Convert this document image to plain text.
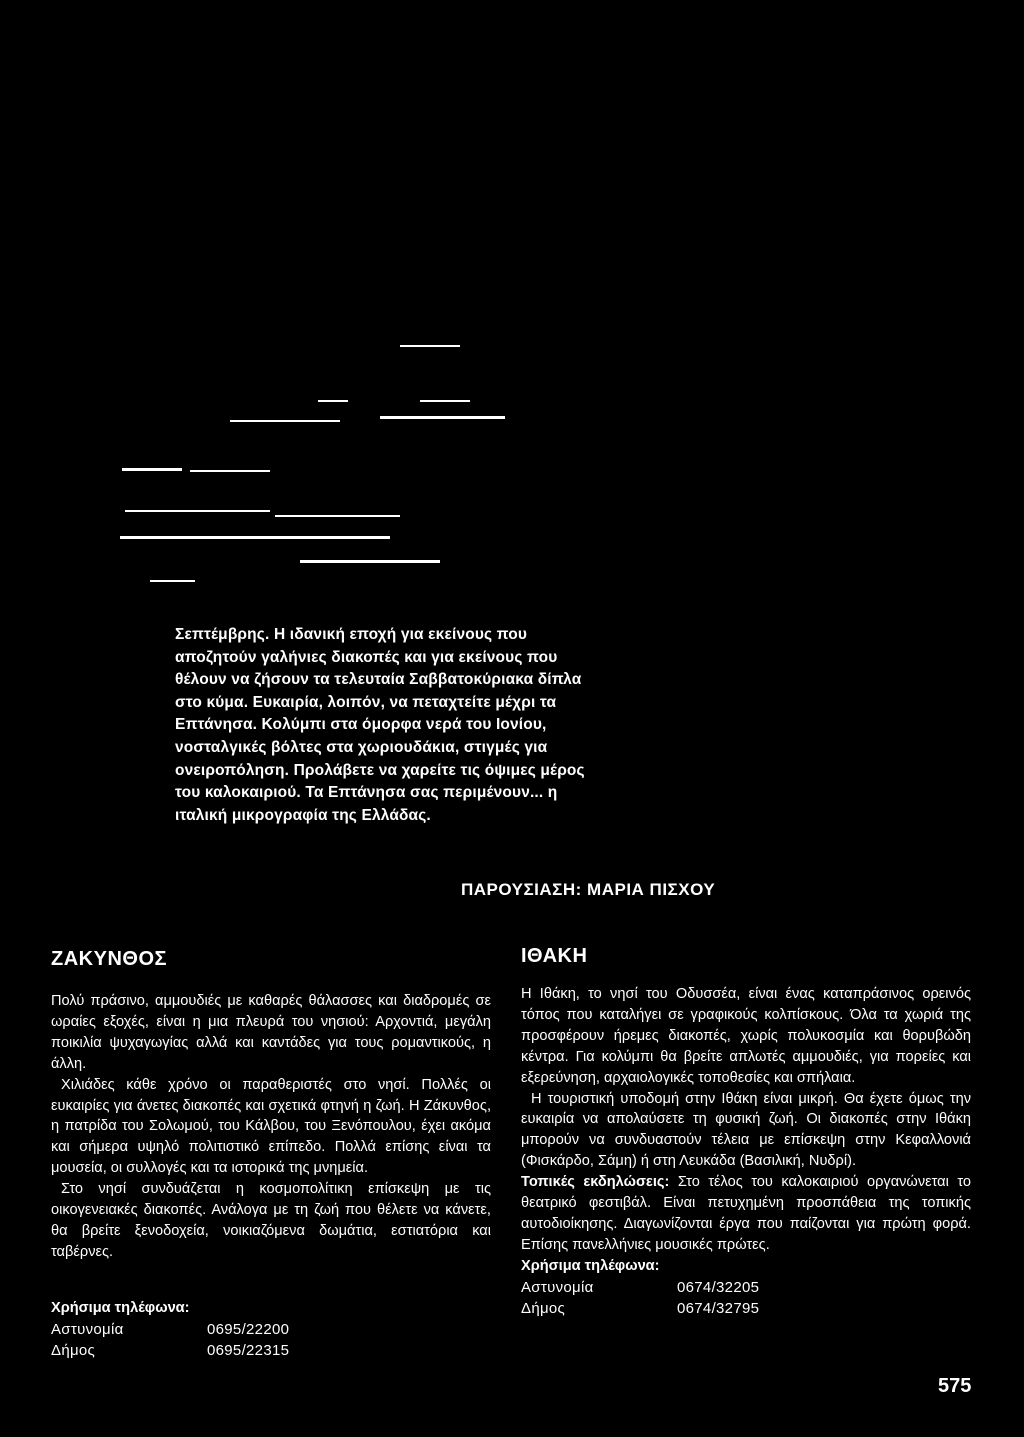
Σεπτέμβρης. Η ιδανική εποχή για εκείνους που αποζητούν γαλήνιες διακοπές και για εκείνους που θέλουν να ζήσουν τα τελευταία Σαββατοκύριακα δίπλα στο κύμα. Ευκαιρία, λοιπόν, να πεταχτείτε μέχρι τα Επτάνησα. Κολύμπι στα όμορφα νερά του Ιονίου, νοσταλγικές βόλτες στα χωριουδάκια, στιγμές για ονειροπόληση. Προλάβετε να χαρείτε τις όψιμες μέρος του καλοκαιριού. Τα Επτάνησα σας περιμένουν... η ιταλική μικρογραφία της Ελλάδας.
ΠΑΡΟΥΣΙΑΣΗ: ΜΑΡΙΑ ΠΙΣΧΟΥ
ΖΑΚΥΝΘΟΣ

Πολύ πράσινο, αμμουδιές με καθαρές θάλασσες και διαδρομές σε ωραίες εξοχές, είναι η μια πλευρά του νησιού: Αρχοντιά, μεγάλη ποικιλία ψυχαγωγίας αλλά και καντάδες για τους ρομαντικούς, η άλλη.

Χιλιάδες κάθε χρόνο οι παραθεριστές στο νησί. Πολλές οι ευκαιρίες για άνετες διακοπές και σχετικά φτηνή η ζωή. Η Ζάκυνθος, η πατρίδα του Σολωμού, του Κάλβου, του Ξενόπουλου, έχει ακόμα και σήμερα υψηλό πολιτιστικό επίπεδο. Πολλά επίσης είναι τα μουσεία, οι συλλογές και τα ιστορικά της μνημεία.

Στο νησί συνδυάζεται η κοσμοπολίτικη επίσκεψη με τις οικογενειακές διακοπές. Ανάλογα με τη ζωή που θέλετε να κάνετε, θα βρείτε ξενοδοχεία, νοικιαζόμενα δωμάτια, εστιατόρια και ταβέρνες.

Χρήσιμα τηλέφωνα:
Αστυνομία	0695/22200
Δήμος	0695/22315
ΙΘΑΚΗ

Η Ιθάκη, το νησί του Οδυσσέα, είναι ένας καταπράσινος ορεινός τόπος που καταλήγει σε γραφικούς κολπίσκους. Όλα τα χωριά της προσφέρουν ήρεμες διακοπές, χωρίς πολυκοσμία και θορυβώδη κέντρα. Για κολύμπι θα βρείτε απλωτές αμμουδιές, για πορείες και εξερεύνηση, αρχαιολογικές τοποθεσίες και σπήλαια.

Η τουριστική υποδομή στην Ιθάκη είναι μικρή. Θα έχετε όμως την ευκαιρία να απολαύσετε τη φυσική ζωή. Οι διακοπές στην Ιθάκη μπορούν να συνδυαστούν τέλεια με επίσκεψη στην Κεφαλλονιά (Φισκάρδο, Σάμη) ή στη Λευκάδα (Βασιλική, Νυδρί).

Τοπικές εκδηλώσεις: Στο τέλος του καλοκαιριού οργανώνεται το θεατρικό φεστιβάλ. Είναι πετυχημένη προσπάθεια της τοπικής αυτοδιοίκησης. Διαγωνίζονται έργα που παίζονται για πρώτη φορά. Επίσης πανελλήνιες μουσικές πρώτες.

Χρήσιμα τηλέφωνα:
Αστυνομία	0674/32205
Δήμος	0674/32795
575
